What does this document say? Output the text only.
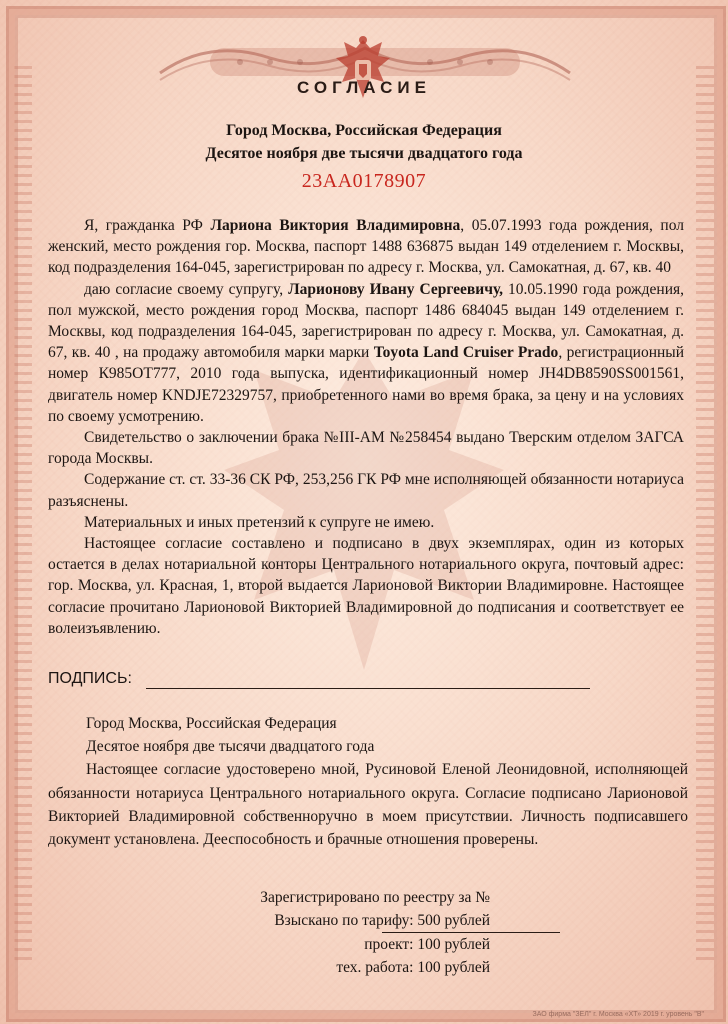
СОГЛАСИЕ
Город Москва, Российская Федерация
Десятое ноября две тысячи двадцатого года
23АА0178907

Я, гражданка РФ Лариона Виктория Владимировна, 05.07.1993 года рождения, пол женский, место рождения гор. Москва, паспорт 1488 636875 выдан 149 отделением г. Москвы, код подразделения 164-045, зарегистрирован по адресу г. Москва, ул. Самокатная, д. 67, кв. 40

даю согласие своему супругу, Ларионову Ивану Сергеевичу, 10.05.1990 года рождения, пол мужской, место рождения город Москва, паспорт 1486 684045 выдан 149 отделением г. Москвы, код подразделения 164-045, зарегистрирован по адресу г. Москва, ул. Самокатная, д. 67, кв. 40 , на продажу автомобиля марки марки Toyota Land Cruiser Prado, регистрационный номер К985ОТ777, 2010 года выпуска, идентификационный номер JH4DB8590SS001561, двигатель номер KNDJE72329757, приобретенного нами во время брака, за цену и на условиях по своему усмотрению.

Свидетельство о заключении брака №III-АМ №258454 выдано Тверским отделом ЗАГСА города Москвы.

Содержание ст. ст. 33-36 СК РФ, 253,256 ГК РФ мне исполняющей обязанности нотариуса разъяснены.

Материальных и иных претензий к супруге не имею.

Настоящее согласие составлено и подписано в двух экземплярах, один из которых остается в делах нотариальной конторы Центрального нотариального округа, почтовый адрес: гор. Москва, ул. Красная, 1, второй выдается Ларионовой Виктории Владимировне. Настоящее согласие прочитано Ларионовой Викторией Владимировной до подписания и соответствует ее волеизъявлению.

ПОДПИСЬ:

Город Москва, Российская Федерация

Десятое ноября две тысячи двадцатого года

Настоящее согласие удостоверено мной, Русиновой Еленой Леонидовной, исполняющей обязанности нотариуса Центрального нотариального округа. Согласие подписано Ларионовой Викторией Владимировной собственноручно в моем присутствии. Личность подписавшего документ установлена. Дееспособность и брачные отношения проверены.

Зарегистрировано по реестру за №
Взыскано по тарифу: 500 рублей
проект: 100 рублей
тех. работа: 100 рублей
ЗАО фирма "ЗЕЛ" г. Москва «ХТ» 2019 г. уровень "В"
